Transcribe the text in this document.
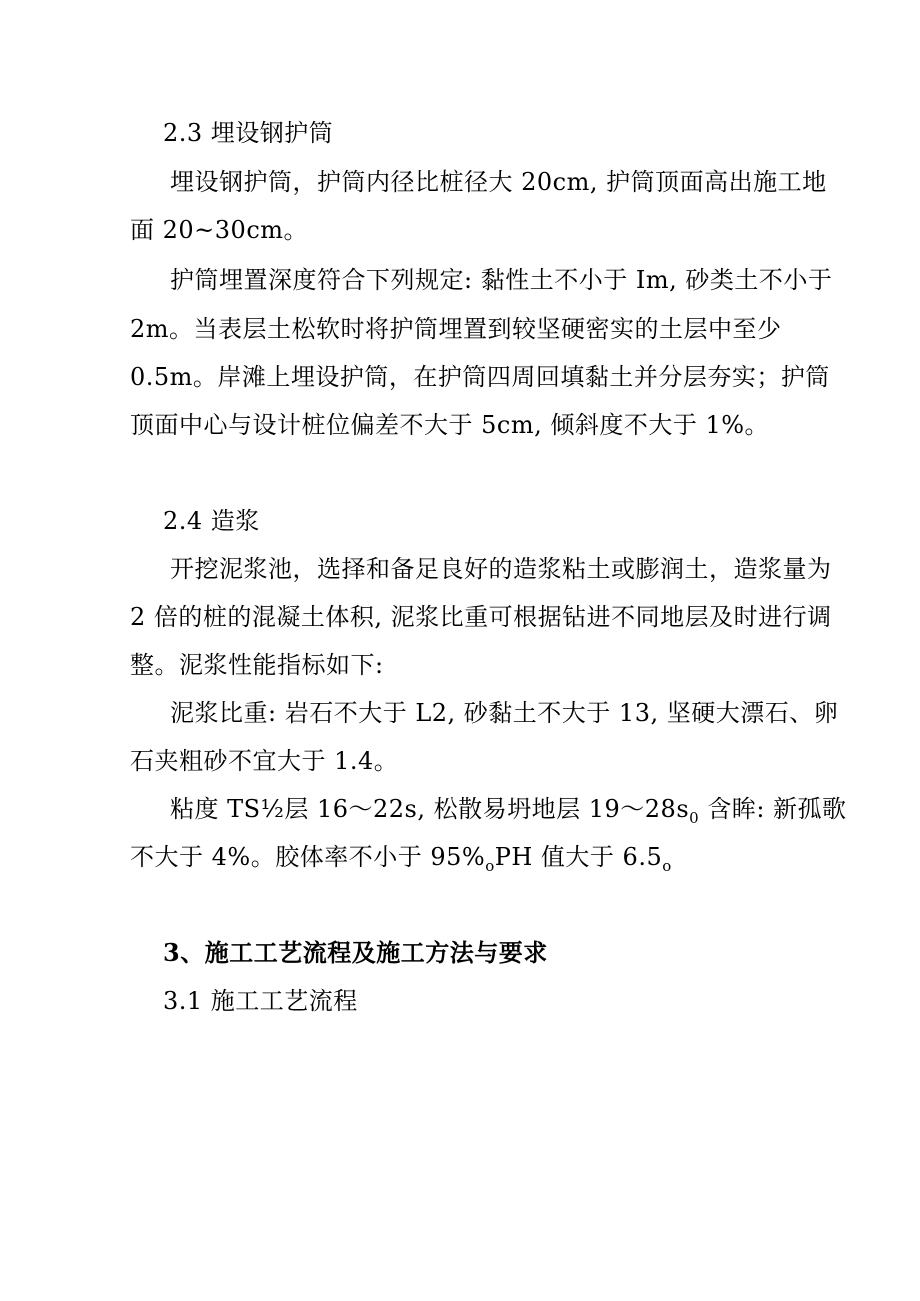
2.3 埋设钢护筒
埋设钢护筒，护筒内径比桩径大 20cm, 护筒顶面高出施工地
面 20~30cm。
护筒埋置深度符合下列规定: 黏性土不小于 Im, 砂类土不小于
2m。当表层土松软时将护筒埋置到较坚硬密实的土层中至少
0.5m。岸滩上埋设护筒，在护筒四周回填黏土并分层夯实；护筒
顶面中心与设计桩位偏差不大于 5cm, 倾斜度不大于 1%。
2.4 造浆
开挖泥浆池，选择和备足良好的造浆粘土或膨润土，造浆量为
2 倍的桩的混凝土体积, 泥浆比重可根据钻进不同地层及时进行调
整。泥浆性能指标如下:
泥浆比重: 岩石不大于 L2, 砂黏土不大于 13, 坚硬大漂石、卵
石夹粗砂不宜大于 1.4。
粘度 TS½层 16～22s, 松散易坍地层 $19\sim 28s_0$ 含眸: 新孤歌
不大于 4%。胶体率不小于 $95\%_oPH$ 值大于 $6.5_o$
3、施工工艺流程及施工方法与要求
3.1 施工工艺流程
